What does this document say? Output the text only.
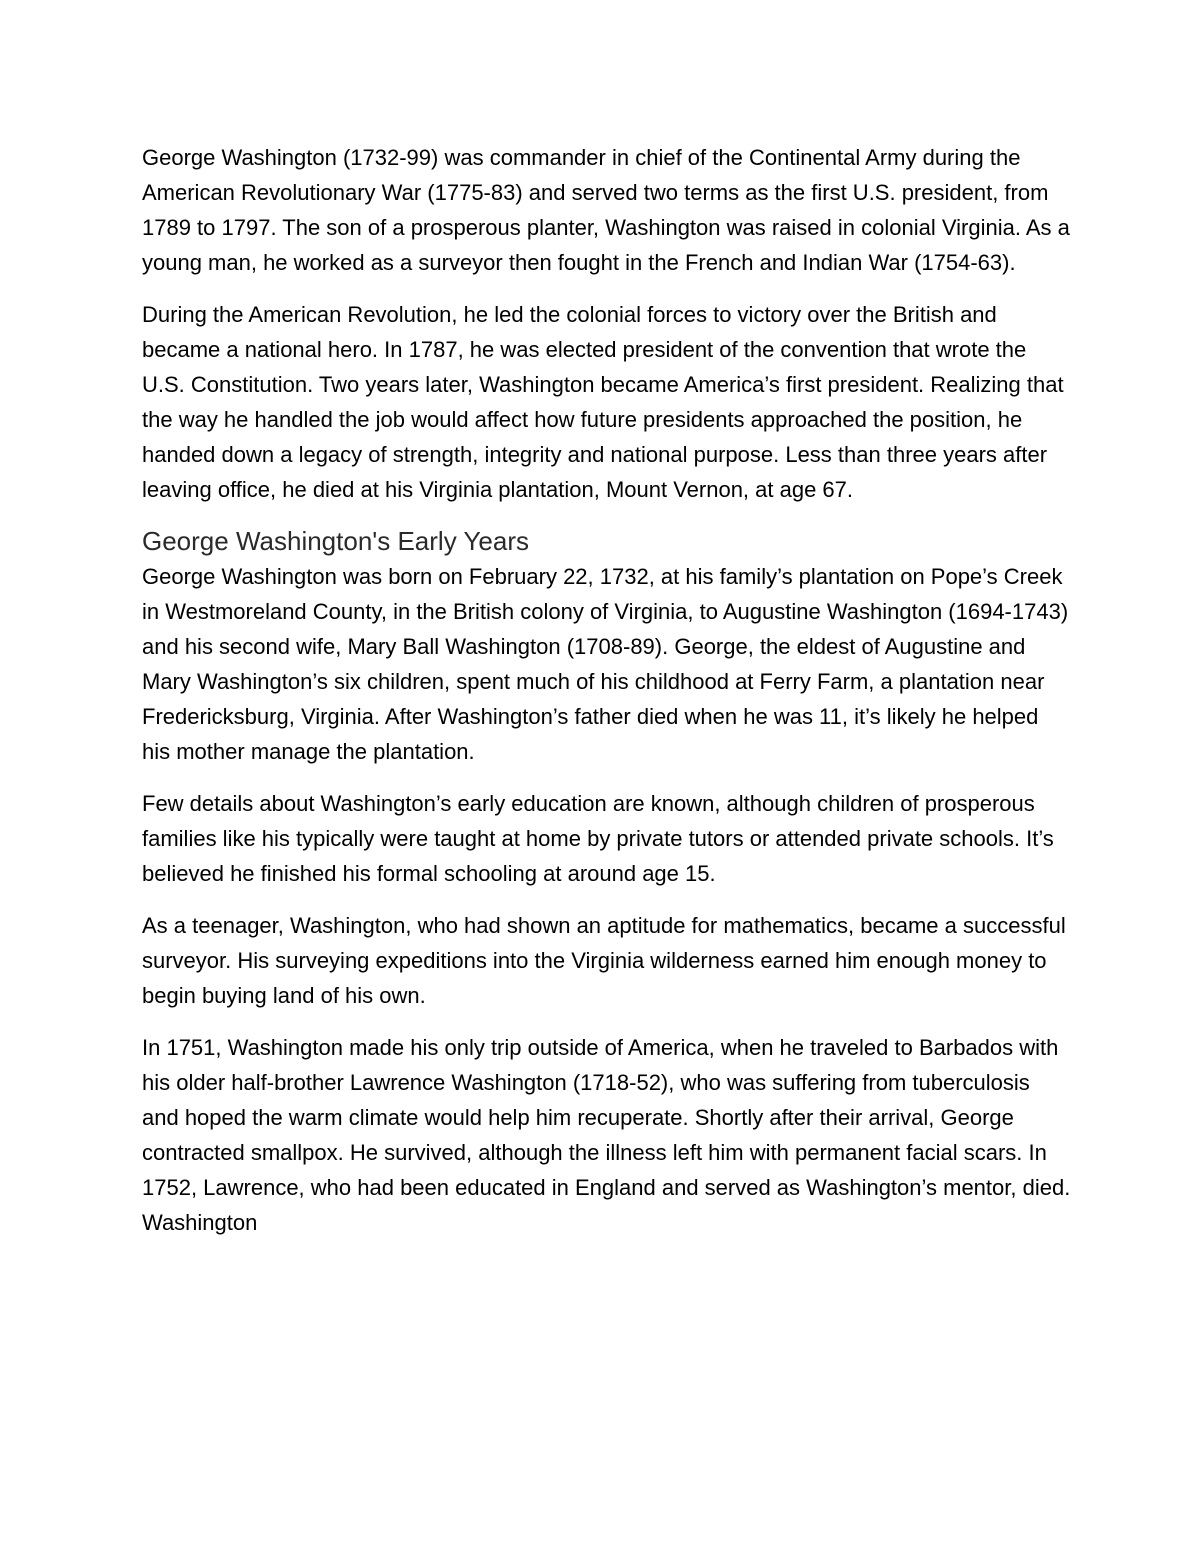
George Washington (1732-99) was commander in chief of the Continental Army during the American Revolutionary War (1775-83) and served two terms as the first U.S. president, from 1789 to 1797. The son of a prosperous planter, Washington was raised in colonial Virginia. As a young man, he worked as a surveyor then fought in the French and Indian War (1754-63).

During the American Revolution, he led the colonial forces to victory over the British and became a national hero. In 1787, he was elected president of the convention that wrote the U.S. Constitution. Two years later, Washington became America’s first president. Realizing that the way he handled the job would affect how future presidents approached the position, he handed down a legacy of strength, integrity and national purpose. Less than three years after leaving office, he died at his Virginia plantation, Mount Vernon, at age 67.

George Washington's Early Years

George Washington was born on February 22, 1732, at his family’s plantation on Pope’s Creek in Westmoreland County, in the British colony of Virginia, to Augustine Washington (1694-1743) and his second wife, Mary Ball Washington (1708-89). George, the eldest of Augustine and Mary Washington’s six children, spent much of his childhood at Ferry Farm, a plantation near Fredericksburg, Virginia. After Washington’s father died when he was 11, it’s likely he helped his mother manage the plantation.

Few details about Washington’s early education are known, although children of prosperous families like his typically were taught at home by private tutors or attended private schools. It’s believed he finished his formal schooling at around age 15.

As a teenager, Washington, who had shown an aptitude for mathematics, became a successful surveyor. His surveying expeditions into the Virginia wilderness earned him enough money to begin buying land of his own.

In 1751, Washington made his only trip outside of America, when he traveled to Barbados with his older half-brother Lawrence Washington (1718-52), who was suffering from tuberculosis and hoped the warm climate would help him recuperate. Shortly after their arrival, George contracted smallpox. He survived, although the illness left him with permanent facial scars. In 1752, Lawrence, who had been educated in England and served as Washington’s mentor, died. Washington
